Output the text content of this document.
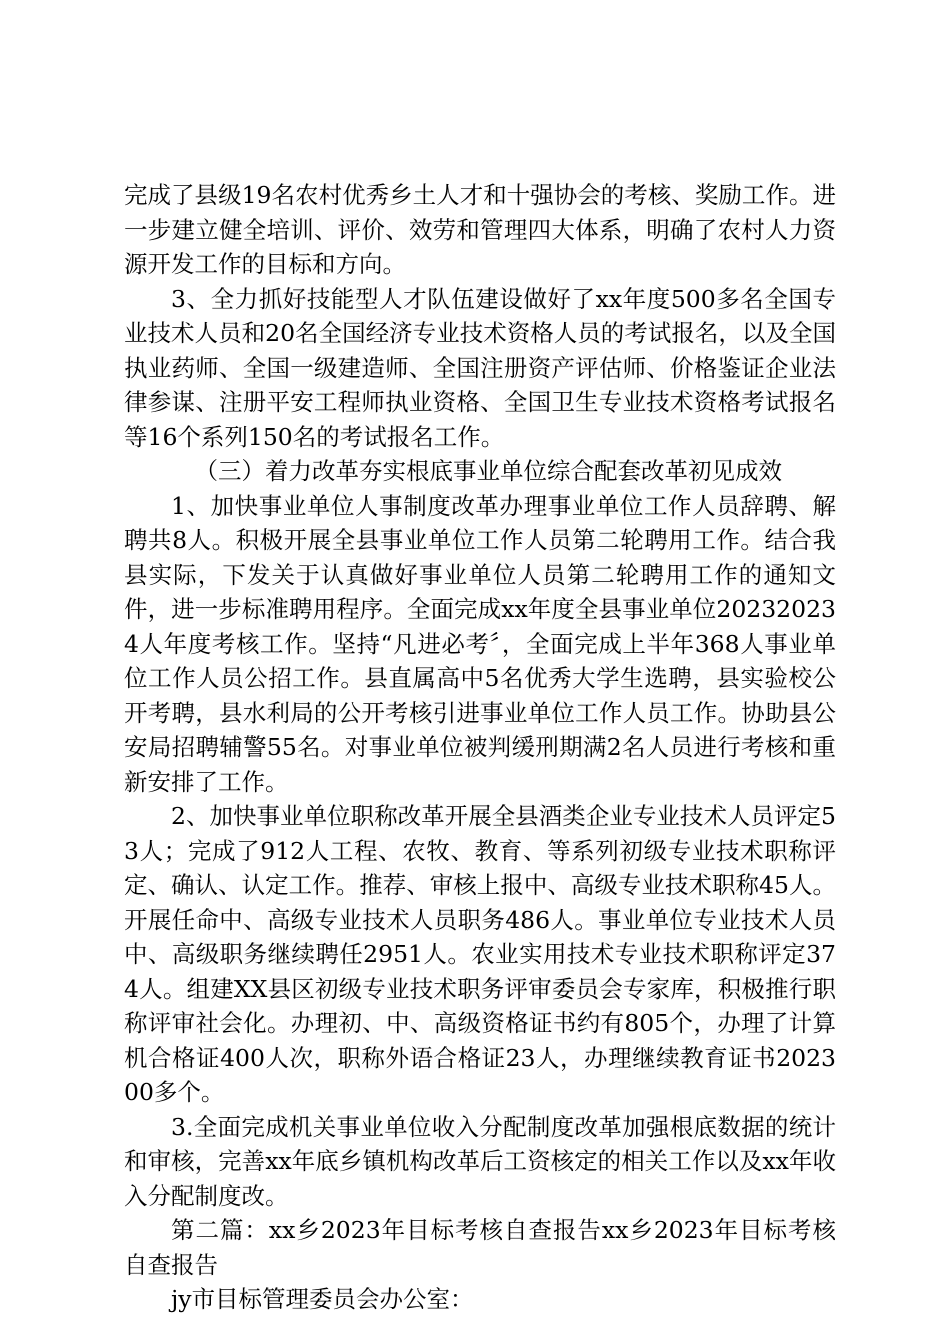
完成了县级19名农村优秀乡土人才和十强协会的考核、奖励工作。进一步建立健全培训、评价、效劳和管理四大体系，明确了农村人力资源开发工作的目标和方向。

3、全力抓好技能型人才队伍建设做好了xx年度500多名全国专业技术人员和20名全国经济专业技术资格人员的考试报名，以及全国执业药师、全国一级建造师、全国注册资产评估师、价格鉴证企业法律参谋、注册平安工程师执业资格、全国卫生专业技术资格考试报名等16个系列150名的考试报名工作。

（三）着力改革夯实根底事业单位综合配套改革初见成效

1、加快事业单位人事制度改革办理事业单位工作人员辞聘、解聘共8人。积极开展全县事业单位工作人员第二轮聘用工作。结合我县实际，下发关于认真做好事业单位人员第二轮聘用工作的通知文件，进一步标准聘用程序。全面完成xx年度全县事业单位202320234人年度考核工作。坚持“凡进必考〞，全面完成上半年368人事业单位工作人员公招工作。县直属高中5名优秀大学生选聘，县实验校公开考聘，县水利局的公开考核引进事业单位工作人员工作。协助县公安局招聘辅警55名。对事业单位被判缓刑期满2名人员进行考核和重新安排了工作。

2、加快事业单位职称改革开展全县酒类企业专业技术人员评定53人；完成了912人工程、农牧、教育、等系列初级专业技术职称评定、确认、认定工作。推荐、审核上报中、高级专业技术职称45人。开展任命中、高级专业技术人员职务486人。事业单位专业技术人员中、高级职务继续聘任2951人。农业实用技术专业技术职称评定374人。组建XX县区初级专业技术职务评审委员会专家库，积极推行职称评审社会化。办理初、中、高级资格证书约有805个，办理了计算机合格证400人次，职称外语合格证23人，办理继续教育证书202300多个。

3.全面完成机关事业单位收入分配制度改革加强根底数据的统计和审核，完善xx年底乡镇机构改革后工资核定的相关工作以及xx年收入分配制度改。

第二篇：xx乡2023年目标考核自查报告xx乡2023年目标考核自查报告

jy市目标管理委员会办公室：
